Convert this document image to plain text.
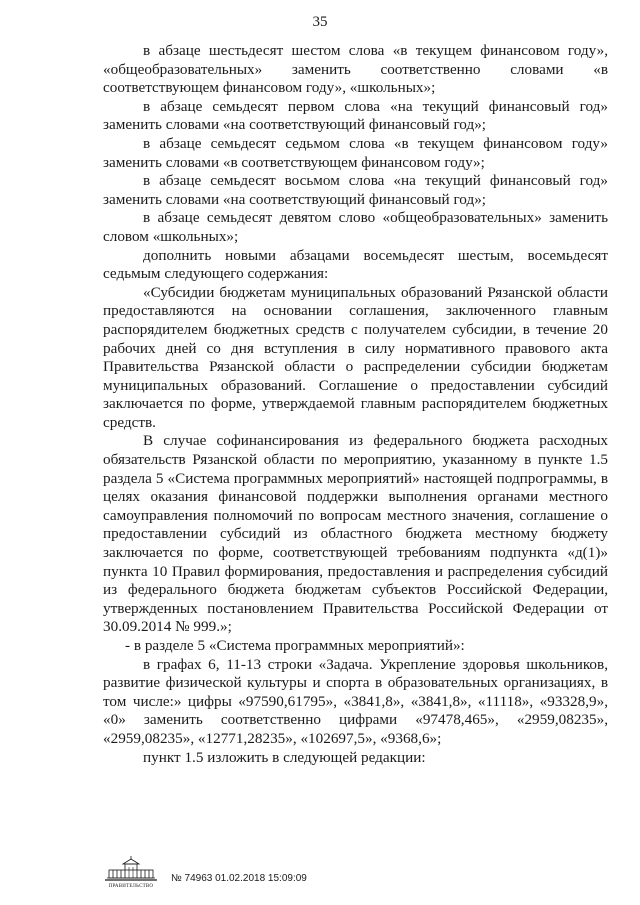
35

в абзаце шестьдесят шестом слова «в текущем финансовом году», «общеобразовательных» заменить соответственно словами «в соответствующем финансовом году», «школьных»;

в абзаце семьдесят первом слова «на текущий финансовый год» заменить словами «на соответствующий финансовый год»;

в абзаце семьдесят седьмом слова «в текущем финансовом году» заменить словами «в соответствующем финансовом году»;

в абзаце семьдесят восьмом слова «на текущий финансовый год» заменить словами «на соответствующий финансовый год»;

в абзаце семьдесят девятом слово «общеобразовательных» заменить словом «школьных»;

дополнить новыми абзацами восемьдесят шестым, восемьдесят седьмым следующего содержания:

«Субсидии бюджетам муниципальных образований Рязанской области предоставляются на основании соглашения, заключенного главным распорядителем бюджетных средств с получателем субсидии, в течение 20 рабочих дней со дня вступления в силу нормативного правового акта Правительства Рязанской области о распределении субсидии бюджетам муниципальных образований. Соглашение о предоставлении субсидий заключается по форме, утверждаемой главным распорядителем бюджетных средств.

В случае софинансирования из федерального бюджета расходных обязательств Рязанской области по мероприятию, указанному в пункте 1.5 раздела 5 «Система программных мероприятий» настоящей подпрограммы, в целях оказания финансовой поддержки выполнения органами местного самоуправления полномочий по вопросам местного значения, соглашение о предоставлении субсидий из областного бюджета местному бюджету заключается по форме, соответствующей требованиям подпункта «д(1)» пункта 10 Правил формирования, предоставления и распределения субсидий из федерального бюджета бюджетам субъектов Российской Федерации, утвержденных постановлением Правительства Российской Федерации от 30.09.2014 № 999.»;

- в разделе 5 «Система программных мероприятий»:

в графах 6, 11-13 строки «Задача. Укрепление здоровья школьников, развитие физической культуры и спорта в образовательных организациях, в том числе:» цифры «97590,61795», «3841,8», «3841,8», «11118», «93328,9», «0» заменить соответственно цифрами «97478,465», «2959,08235», «2959,08235», «12771,28235», «102697,5», «9368,6»;

пункт 1.5 изложить в следующей редакции:

ПРАВИТЕЛЬСТВО
№ 74963 01.02.2018 15:09:09
